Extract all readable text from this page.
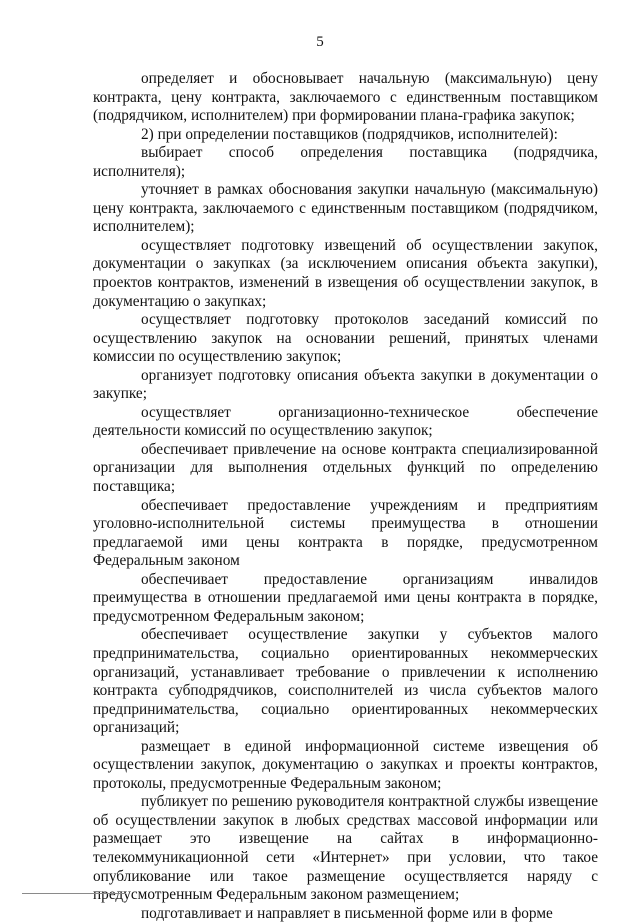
5

определяет и обосновывает начальную (максимальную) цену контракта, цену контракта, заключаемого с единственным поставщиком (подрядчиком, исполнителем) при формировании плана-графика закупок;

2) при определении поставщиков (подрядчиков, исполнителей):

выбирает способ определения поставщика (подрядчика, исполнителя);

уточняет в рамках обоснования закупки начальную (максимальную) цену контракта, заключаемого с единственным поставщиком (подрядчиком, исполнителем);

осуществляет подготовку извещений об осуществлении закупок, документации о закупках (за исключением описания объекта закупки), проектов контрактов, изменений в извещения об осуществлении закупок, в документацию о закупках;

осуществляет подготовку протоколов заседаний комиссий по осуществлению закупок на основании решений, принятых членами комиссии по осуществлению закупок;

организует подготовку описания объекта закупки в документации о закупке;

осуществляет организационно-техническое обеспечение деятельности комиссий по осуществлению закупок;

обеспечивает привлечение на основе контракта специализированной организации для выполнения отдельных функций по определению поставщика;

обеспечивает предоставление учреждениям и предприятиям уголовно-исполнительной системы преимущества в отношении предлагаемой ими цены контракта в порядке, предусмотренном Федеральным законом

обеспечивает предоставление организациям инвалидов преимущества в отношении предлагаемой ими цены контракта в порядке, предусмотренном Федеральным законом;

обеспечивает осуществление закупки у субъектов малого предпринимательства, социально ориентированных некоммерческих организаций, устанавливает требование о привлечении к исполнению контракта субподрядчиков, соисполнителей из числа субъектов малого предпринимательства, социально ориентированных некоммерческих организаций;

размещает в единой информационной системе извещения об осуществлении закупок, документацию о закупках и проекты контрактов, протоколы, предусмотренные Федеральным законом;

публикует по решению руководителя контрактной службы извещение об осуществлении закупок в любых средствах массовой информации или размещает это извещение на сайтах в информационно-телекоммуникационной сети «Интернет» при условии, что такое опубликование или такое размещение осуществляется наряду с предусмотренным Федеральным законом размещением;

подготавливает и направляет в письменной форме или в форме
